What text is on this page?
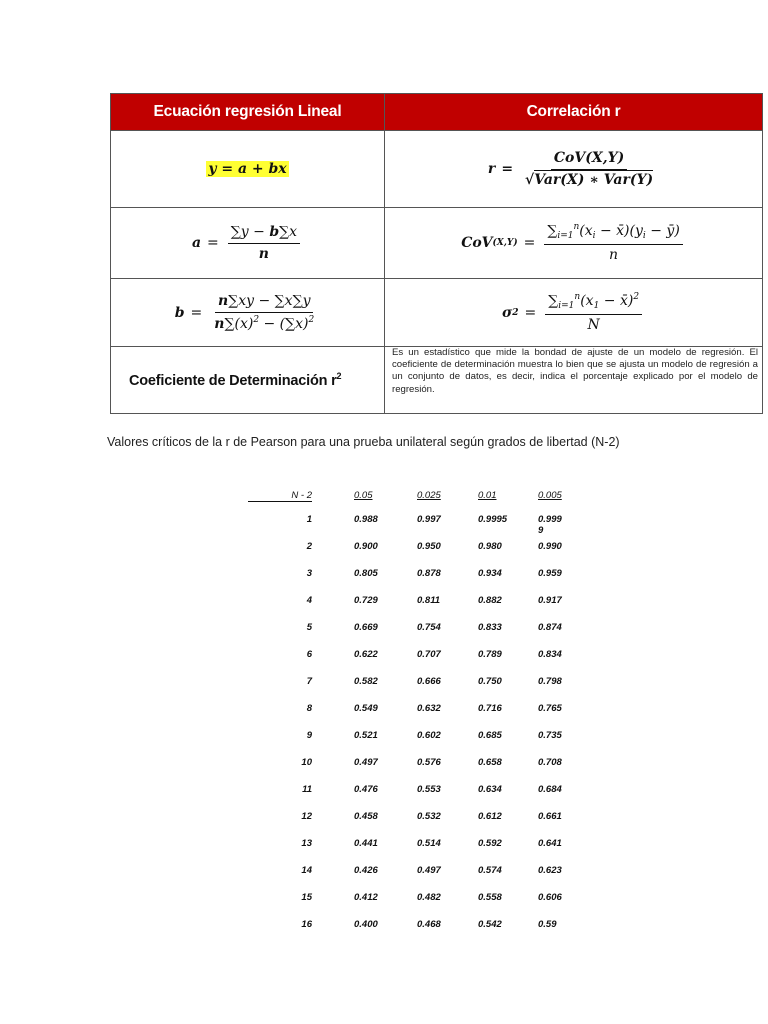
Ecuación regresión Lineal	Correlación r

y = a + bx	$r = \frac{\text{CoV(X,Y)}}{\text{√Var(X) ∗ Var(Y)}}$

$a = \frac{\sum y - b\sum x}{n}$	CoV $(X,Y) = \frac{\sum_{i=1}^n(x_i - x̄)(y_i - ȳ)}{n}$

$b = \frac{n\sum xy - \sum x\sum y}{n\sum(x)^2 - (\sum x)^2}$	σ $2 = \frac{\sum_{i=1}^n(x_1 - x̄)^2}{N}$

Coeficiente de Determinación $r^2$	Es un estadístico que mide la bondad de ajuste de un modelo de regresión. El coeficiente de determinación muestra lo bien que se ajusta un modelo de regresión a un conjunto de datos, es decir, indica el porcentaje explicado por el modelo de regresión.
Valores críticos de la r de Pearson para una prueba unilateral según grados de libertad (N-2)
N - 2	0.05	0.025	0.01	0.005
1	0.988	0.997	0.9995	0.9999
2	0.900	0.950	0.980	0.990
3	0.805	0.878	0.934	0.959
4	0.729	0.811	0.882	0.917
5	0.669	0.754	0.833	0.874
6	0.622	0.707	0.789	0.834
7	0.582	0.666	0.750	0.798
8	0.549	0.632	0.716	0.765
9	0.521	0.602	0.685	0.735
10	0.497	0.576	0.658	0.708
11	0.476	0.553	0.634	0.684
12	0.458	0.532	0.612	0.661
13	0.441	0.514	0.592	0.641
14	0.426	0.497	0.574	0.623
15	0.412	0.482	0.558	0.606
16	0.400	0.468	0.542	0.59
